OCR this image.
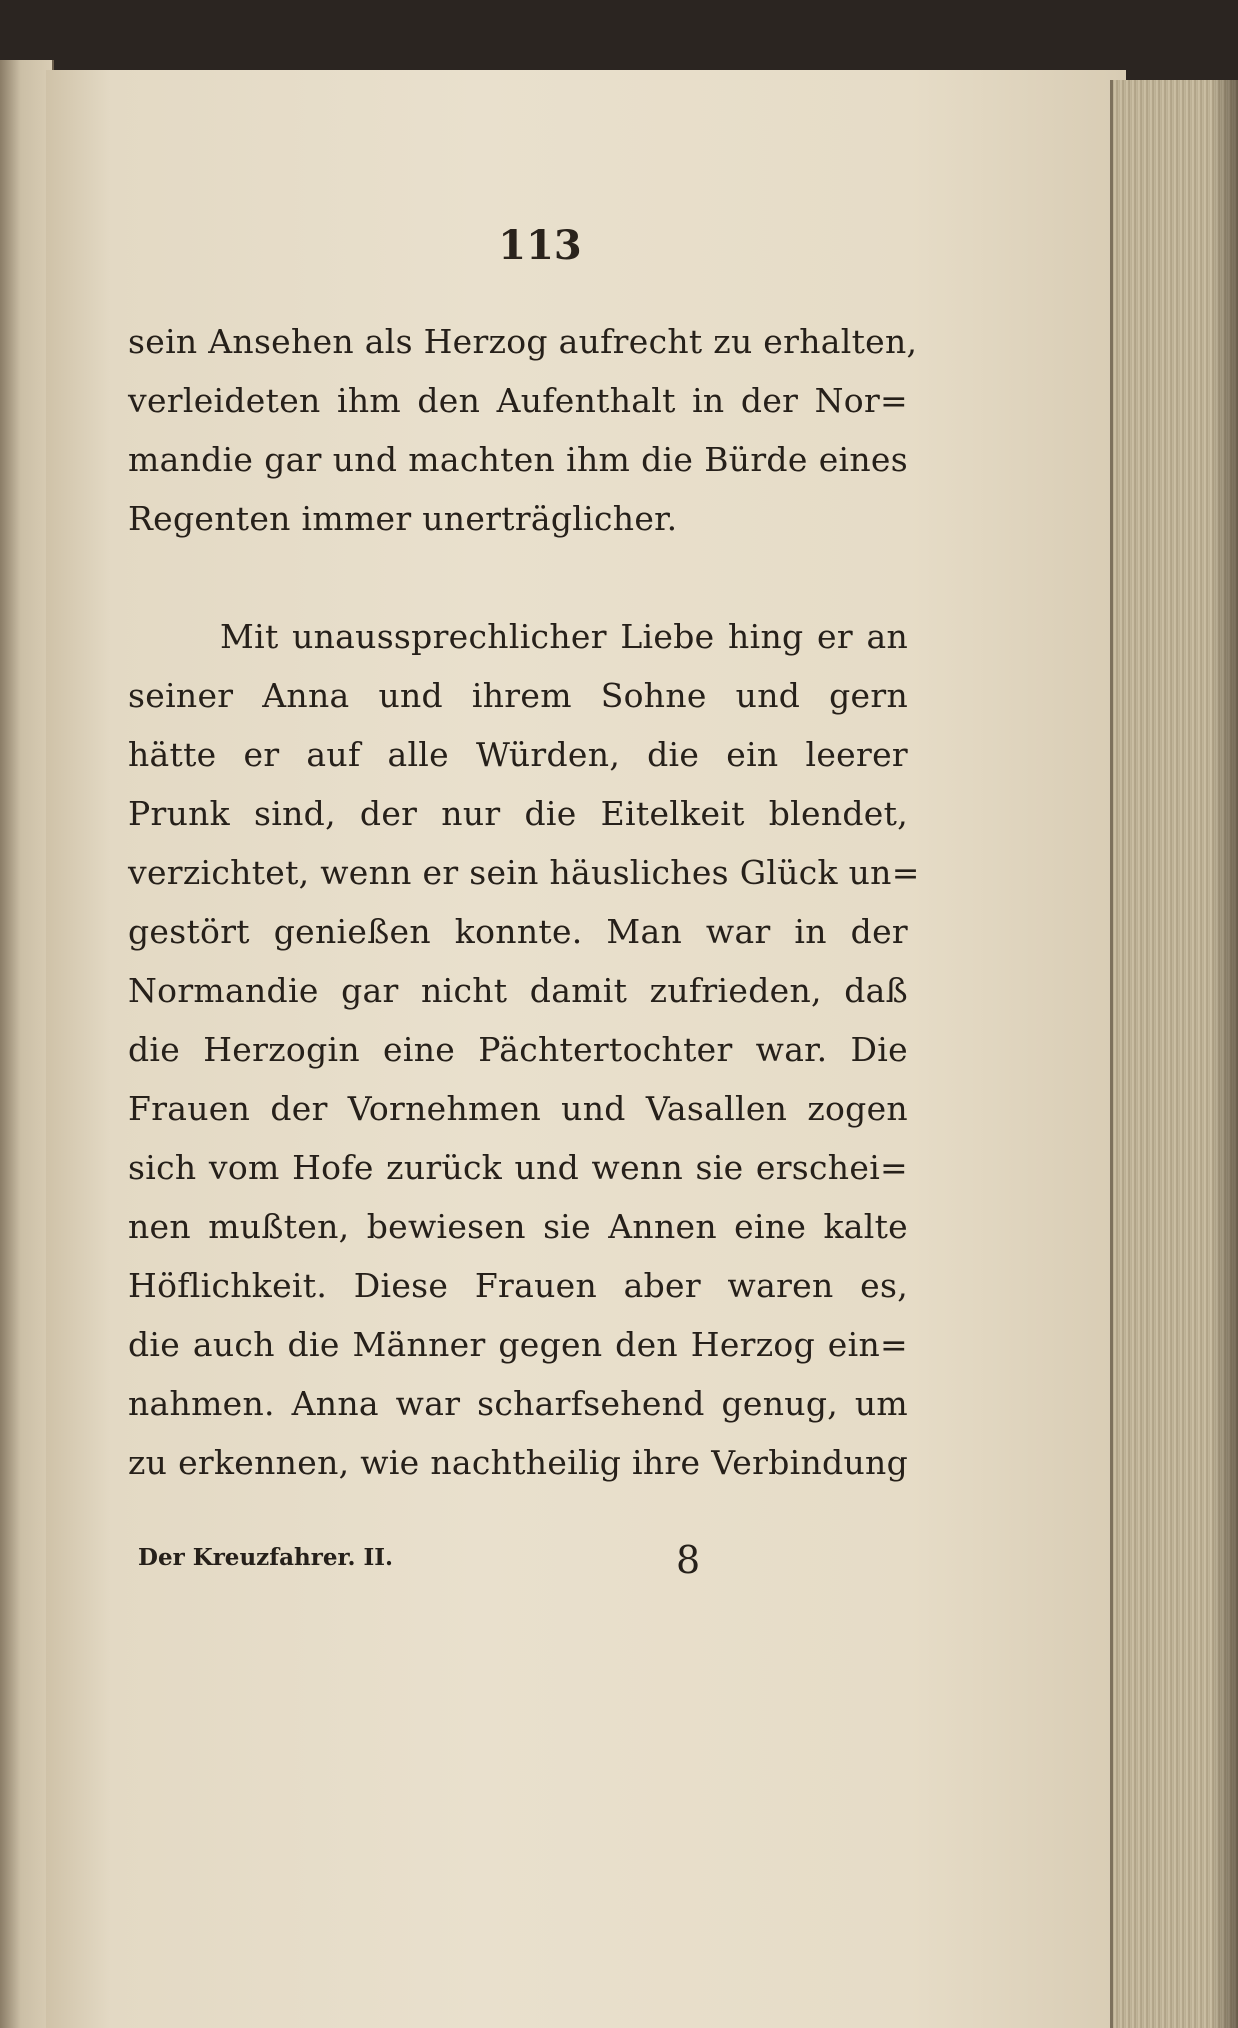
113

sein Ansehen als Herzog aufrecht zu erhalten,
verleideten ihm den Aufenthalt in der Nor=
mandie gar und machten ihm die Bürde eines
Regenten immer unerträglicher.
Mit unaussprechlicher Liebe hing er an
seiner Anna und ihrem Sohne und gern
hätte er auf alle Würden, die ein leerer
Prunk sind, der nur die Eitelkeit blendet,
verzichtet, wenn er sein häusliches Glück un=
gestört genießen konnte. Man war in der
Normandie gar nicht damit zufrieden, daß
die Herzogin eine Pächtertochter war. Die
Frauen der Vornehmen und Vasallen zogen
sich vom Hofe zurück und wenn sie erschei=
nen mußten, bewiesen sie Annen eine kalte
Höflichkeit. Diese Frauen aber waren es,
die auch die Männer gegen den Herzog ein=
nahmen. Anna war scharfsehend genug, um
zu erkennen, wie nachtheilig ihre Verbindung
Der Kreuzfahrer. II.	8
